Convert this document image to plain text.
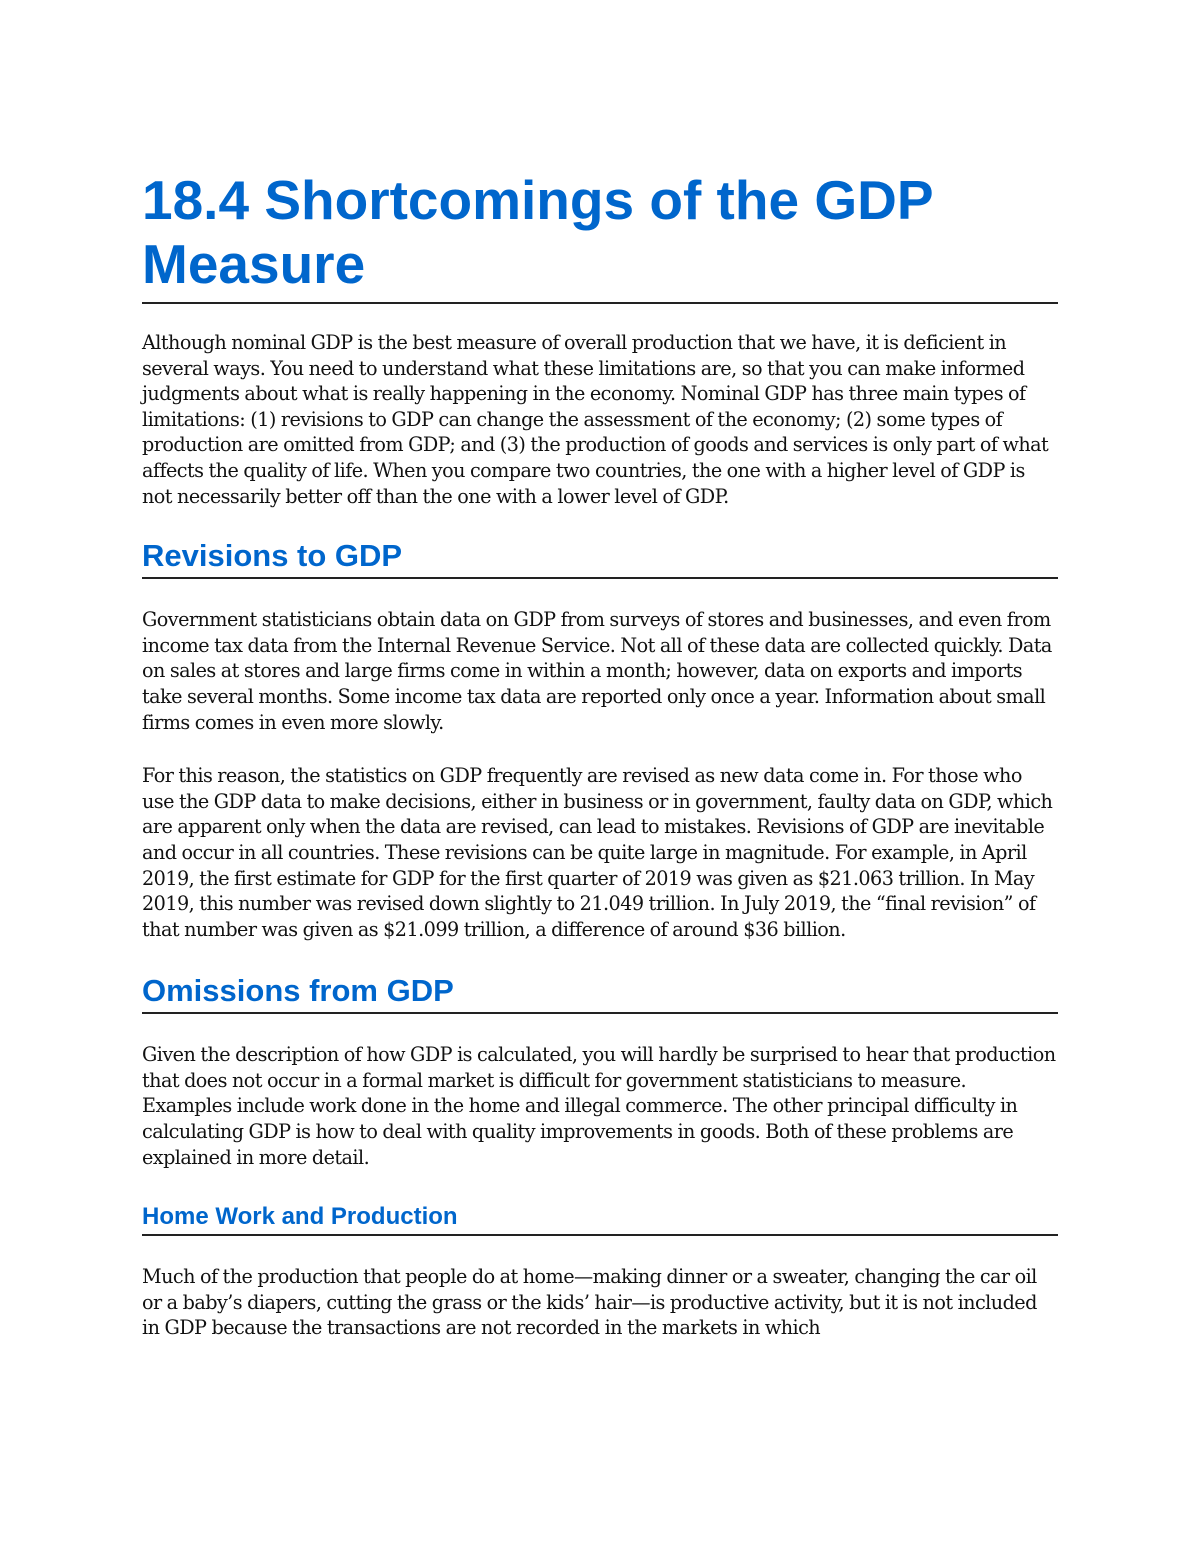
18.4 Shortcomings of the GDP Measure

Although nominal GDP is the best measure of overall production that we have, it is deficient in several ways. You need to understand what these limitations are, so that you can make informed judgments about what is really happening in the economy. Nominal GDP has three main types of limitations: (1) revisions to GDP can change the assessment of the economy; (2) some types of production are omitted from GDP; and (3) the production of goods and services is only part of what affects the quality of life. When you compare two countries, the one with a higher level of GDP is not necessarily better off than the one with a lower level of GDP.

Revisions to GDP

Government statisticians obtain data on GDP from surveys of stores and businesses, and even from income tax data from the Internal Revenue Service. Not all of these data are collected quickly. Data on sales at stores and large firms come in within a month; however, data on exports and imports take several months. Some income tax data are reported only once a year. Information about small firms comes in even more slowly.

For this reason, the statistics on GDP frequently are revised as new data come in. For those who use the GDP data to make decisions, either in business or in government, faulty data on GDP, which are apparent only when the data are revised, can lead to mistakes. Revisions of GDP are inevitable and occur in all countries. These revisions can be quite large in magnitude. For example, in April 2019, the first estimate for GDP for the first quarter of 2019 was given as $21.063 trillion. In May 2019, this number was revised down slightly to 21.049 trillion. In July 2019, the “final revision” of that number was given as $21.099 trillion, a difference of around $36 billion.

Omissions from GDP

Given the description of how GDP is calculated, you will hardly be surprised to hear that production that does not occur in a formal market is difficult for government statisticians to measure. Examples include work done in the home and illegal commerce. The other principal difficulty in calculating GDP is how to deal with quality improvements in goods. Both of these problems are explained in more detail.

Home Work and Production

Much of the production that people do at home—making dinner or a sweater, changing the car oil or a baby’s diapers, cutting the grass or the kids’ hair—is productive activity, but it is not included in GDP because the transactions are not recorded in the markets in which
